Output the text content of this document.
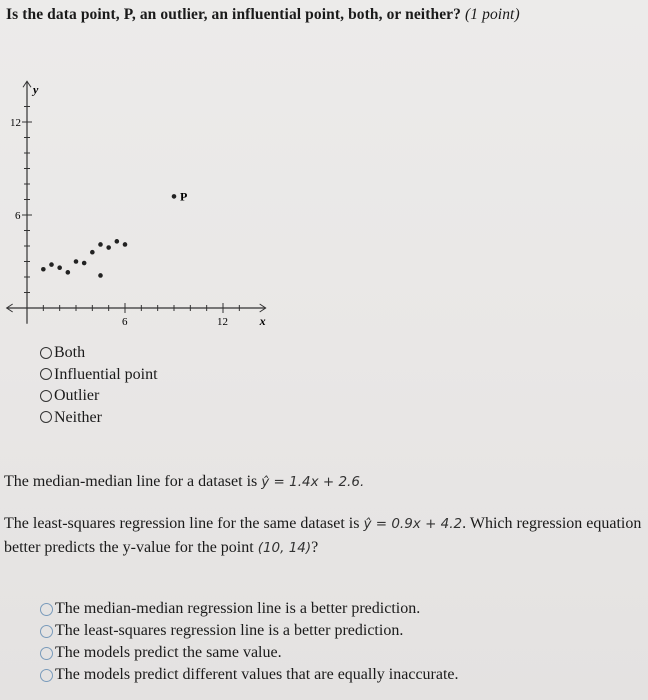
Is the data point, P, an outlier, an influential point, both, or neither? (1 point)
y
x
12
6
6	12
P
Both
Influential point
Outlier
Neither
The median-median line for a dataset is ŷ = 1.4x + 2.6.
The least-squares regression line for the same dataset is ŷ = 0.9x + 4.2. Which regression equation better predicts the y-value for the point (10, 14)?
The median-median regression line is a better prediction.
The least-squares regression line is a better prediction.
The models predict the same value.
The models predict different values that are equally inaccurate.
